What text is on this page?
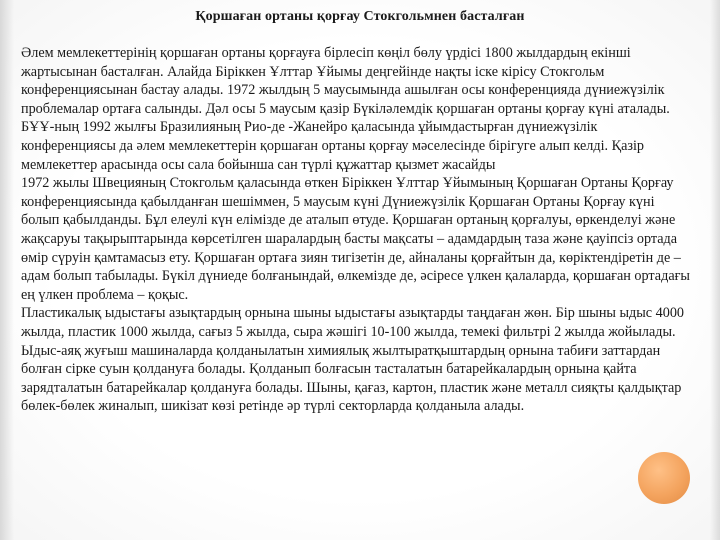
Қоршаған ортаны қорғау Стокгольмнен басталған

Әлем мемлекеттерінің қоршаған ортаны қорғауға бірлесіп көңіл бөлу үрдісі 1800 жылдардың екінші жартысынан басталған. Алайда Біріккен Ұлттар Ұйымы деңгейінде нақты іске кірісу Стокгольм конференциясынан бастау алады. 1972 жылдың 5 маусымында ашылған осы конференцияда дүниежүзілік проблемалар ортаға салынды. Дәл осы 5 маусым қазір Бүкіләлемдік қоршаған ортаны қорғау күні аталады. БҰҰ-ның 1992 жылғы Бразилияның Рио-де -Жанейро қаласында ұйымдастырған дүниежүзілік конференциясы да әлем мемлекеттерін қоршаған ортаны қорғау мәселесінде бірігуге алып келді. Қазір мемлекеттер арасында осы сала бойынша сан түрлі құжаттар қызмет жасайды

1972 жылы Швецияның Стокгольм қаласында өткен Біріккен Ұлттар Ұйымының Қоршаған Ортаны Қорғау конференциясында қабылданған шешіммен, 5 маусым күні Дүниежүзілік Қоршаған Ортаны Қорғау күні болып қабылданды. Бұл елеулі күн елімізде де аталып өтуде. Қоршаған ортаның қорғалуы, өркенделуі және жақсаруы тақырыптарында көрсетілген шаралардың басты мақсаты – адамдардың таза және қауіпсіз ортада өмір сүруін қамтамасыз ету. Қоршаған ортаға зиян тигізетін де, айналаны қорғайтын да, көріктендіретін де – адам болып табылады. Бүкіл дүниеде болғанындай, өлкемізде де, әсіресе үлкен қалаларда, қоршаған ортадағы ең үлкен проблема – қоқыс.

Пластикалық ыдыстағы азықтардың орнына шыны ыдыстағы азықтарды таңдаған жөн. Бір шыны ыдыс 4000 жылда, пластик 1000 жылда, сағыз 5 жылда, сыра жәшігі 10-100 жылда, темекі фильтрі 2 жылда жойылады.

Ыдыс-аяқ жуғыш машиналарда қолданылатын химиялық жылтыратқыштардың орнына табиғи заттардан болған сірке суын қолдануға болады. Қолданып болғасын тасталатын батарейкалардың орнына қайта зарядталатын батарейкалар қолдануға болады. Шыны, қағаз, картон, пластик және металл сияқты қалдықтар бөлек-бөлек жиналып, шикізат көзі ретінде әр түрлі секторларда қолданыла алады.
